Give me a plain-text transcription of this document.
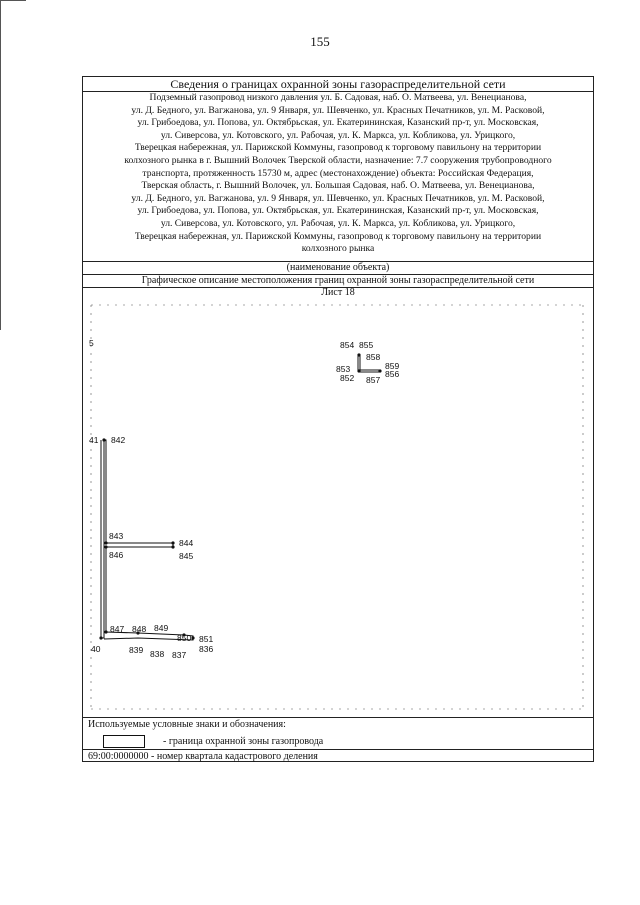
155
Сведения о границах охранной зоны газораспределительной сети
Подземный газопровод низкого давления ул. Б. Садовая, наб. О. Матвеева, ул. Венецианова,
ул. Д. Бедного, ул. Вагжанова, ул. 9 Января, ул. Шевченко, ул. Красных Печатников, ул. М. Расковой,
ул. Грибоедова, ул. Попова, ул. Октябрьская, ул. Екатерининская, Казанский пр-т, ул. Московская,
ул. Сиверсова, ул. Котовского, ул. Рабочая, ул. К. Маркса, ул. Кобликова, ул. Урицкого,
Тверецкая набережная, ул. Парижской Коммуны, газопровод к торговому павильону на территории
колхозного рынка в г. Вышний Волочек Тверской области, назначение: 7.7 сооружения трубопроводного
транспорта, протяженность 15730 м, адрес (местонахождение) объекта: Российская Федерация,
Тверская область, г. Вышний Волочек, ул. Большая Садовая, наб. О. Матвеева, ул. Венецианова,
ул. Д. Бедного, ул. Вагжанова, ул. 9 Января, ул. Шевченко, ул. Красных Печатников, ул. М. Расковой,
ул. Грибоедова, ул. Попова, ул. Октябрьская, ул. Екатерининская, Казанский пр-т, ул. Московская,
ул. Сиверсова, ул. Котовского, ул. Рабочая, ул. К. Маркса, ул. Кобликова, ул. Урицкого,
Тверецкая набережная, ул. Парижской Коммуны, газопровод к торговому павильону на территории
колхозного рынка
(наименование объекта)
Графическое описание местоположения границ охранной зоны газораспределительной сети
Лист 18
5
41 842
843
844
845
846
847 848 849
850 851
40	839 838 837
836
854 855
858
853	859
852 857
856
Используемые условные знаки и обозначения:
- граница охранной зоны газопровода
69:00:0000000 - номер квартала кадастрового деления
